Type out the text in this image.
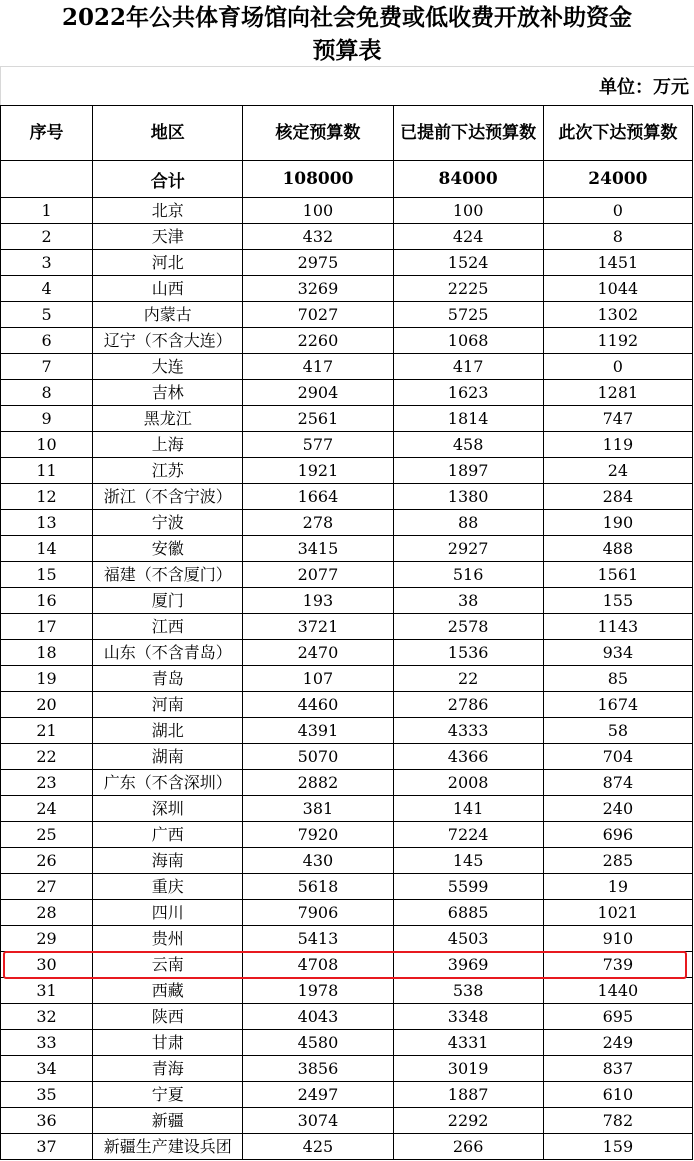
2022年公共体育场馆向社会免费或低收费开放补助资金
预算表
单位：万元
序号	地区	核定预算数	已提前下达预算数	此次下达预算数
	合计	108000	84000	24000
1	北京	100	100	0
2	天津	432	424	8
3	河北	2975	1524	1451
4	山西	3269	2225	1044
5	内蒙古	7027	5725	1302
6	辽宁（不含大连）	2260	1068	1192
7	大连	417	417	0
8	吉林	2904	1623	1281
9	黑龙江	2561	1814	747
10	上海	577	458	119
11	江苏	1921	1897	24
12	浙江（不含宁波）	1664	1380	284
13	宁波	278	88	190
14	安徽	3415	2927	488
15	福建（不含厦门）	2077	516	1561
16	厦门	193	38	155
17	江西	3721	2578	1143
18	山东（不含青岛）	2470	1536	934
19	青岛	107	22	85
20	河南	4460	2786	1674
21	湖北	4391	4333	58
22	湖南	5070	4366	704
23	广东（不含深圳）	2882	2008	874
24	深圳	381	141	240
25	广西	7920	7224	696
26	海南	430	145	285
27	重庆	5618	5599	19
28	四川	7906	6885	1021
29	贵州	5413	4503	910
30	云南	4708	3969	739
31	西藏	1978	538	1440
32	陕西	4043	3348	695
33	甘肃	4580	4331	249
34	青海	3856	3019	837
35	宁夏	2497	1887	610
36	新疆	3074	2292	782
37	新疆生产建设兵团	425	266	159
